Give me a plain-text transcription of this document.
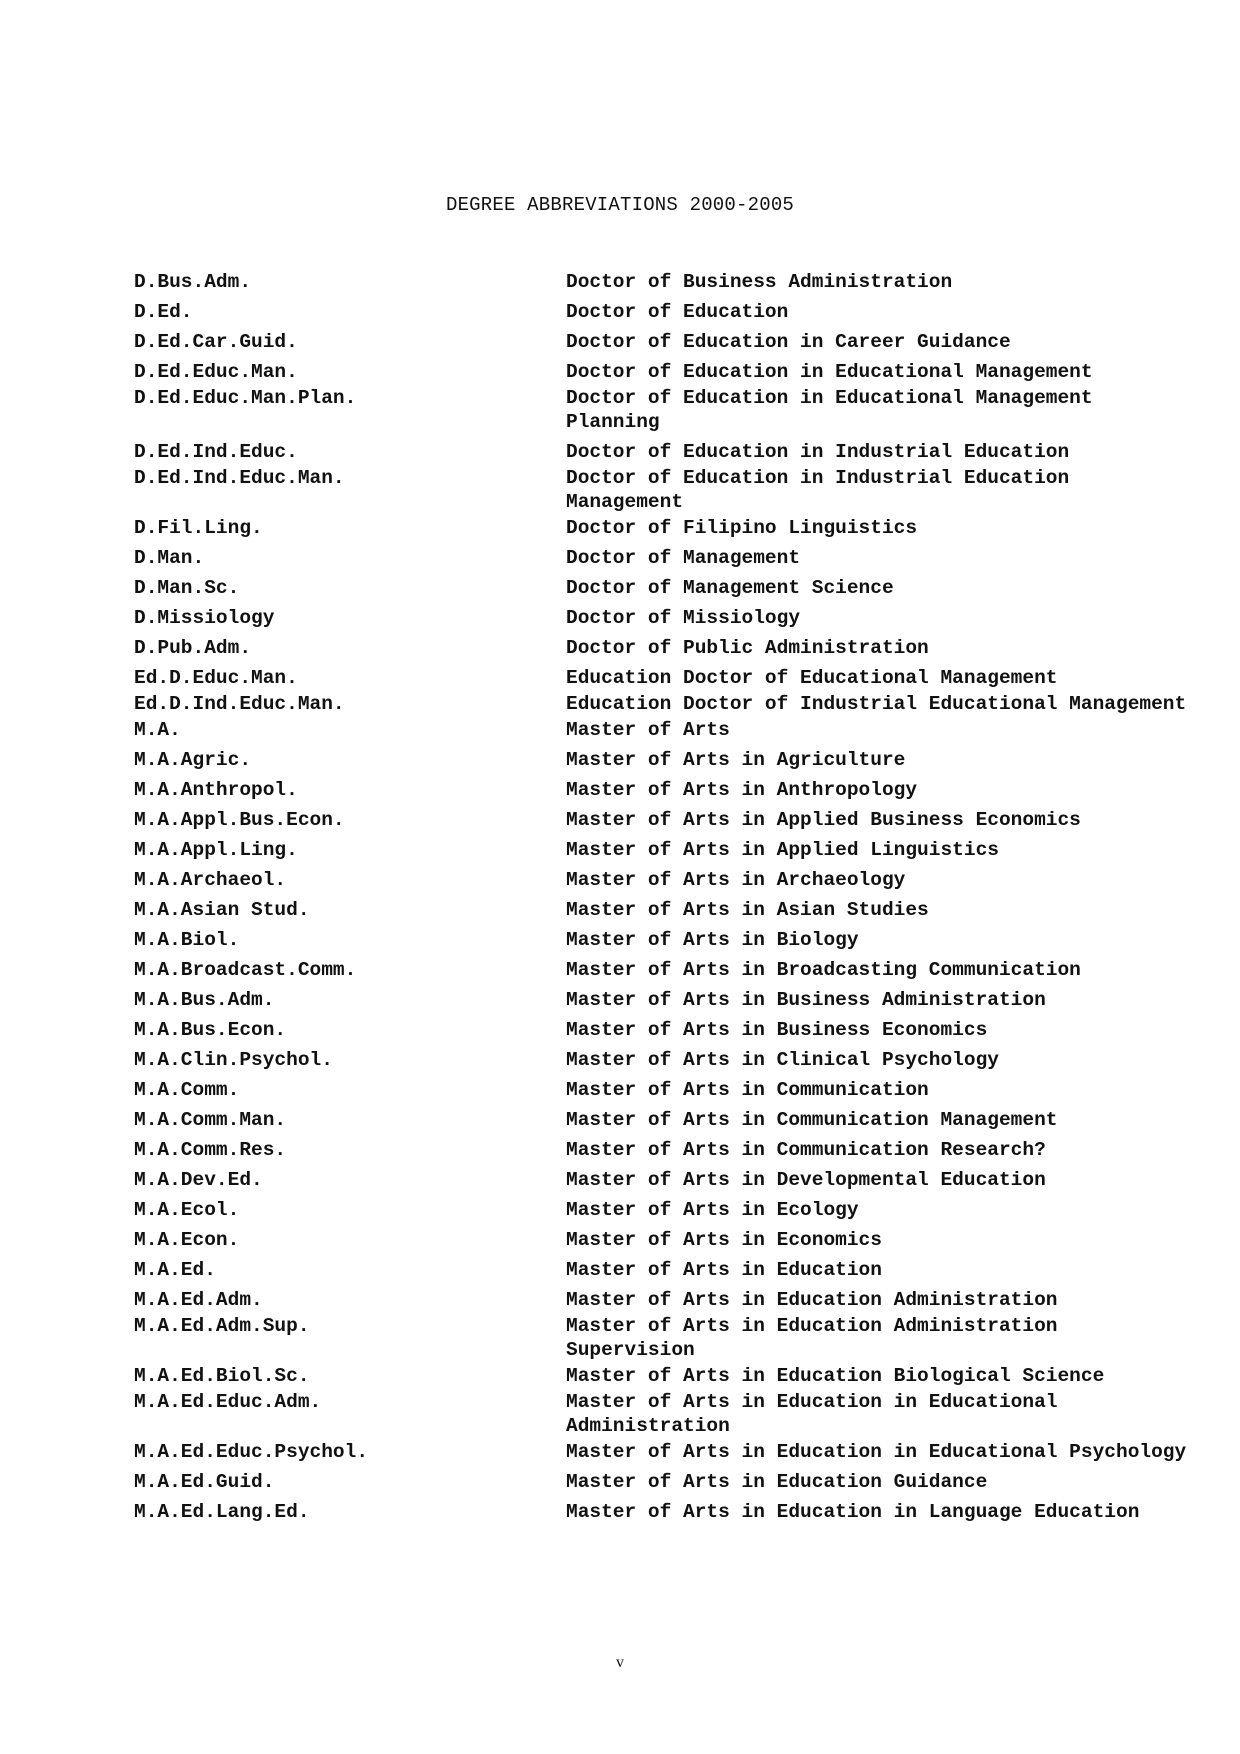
DEGREE ABBREVIATIONS 2000-2005
D.Bus.Adm.	Doctor of Business Administration
D.Ed.	Doctor of Education
D.Ed.Car.Guid.	Doctor of Education in Career Guidance
D.Ed.Educ.Man.	Doctor of Education in Educational Management
D.Ed.Educ.Man.Plan.	Doctor of Education in Educational Management Planning
D.Ed.Ind.Educ.	Doctor of Education in Industrial Education
D.Ed.Ind.Educ.Man.	Doctor of Education in Industrial Education Management
D.Fil.Ling.	Doctor of Filipino Linguistics
D.Man.	Doctor of Management
D.Man.Sc.	Doctor of Management Science
D.Missiology	Doctor of Missiology
D.Pub.Adm.	Doctor of Public Administration
Ed.D.Educ.Man.	Education Doctor of Educational Management
Ed.D.Ind.Educ.Man.	Education Doctor of Industrial Educational Management
M.A.	Master of Arts
M.A.Agric.	Master of Arts in Agriculture
M.A.Anthropol.	Master of Arts in Anthropology
M.A.Appl.Bus.Econ.	Master of Arts in Applied Business Economics
M.A.Appl.Ling.	Master of Arts in Applied Linguistics
M.A.Archaeol.	Master of Arts in Archaeology
M.A.Asian Stud.	Master of Arts in Asian Studies
M.A.Biol.	Master of Arts in Biology
M.A.Broadcast.Comm.	Master of Arts in Broadcasting Communication
M.A.Bus.Adm.	Master of Arts in Business Administration
M.A.Bus.Econ.	Master of Arts in Business Economics
M.A.Clin.Psychol.	Master of Arts in Clinical Psychology
M.A.Comm.	Master of Arts in Communication
M.A.Comm.Man.	Master of Arts in Communication Management
M.A.Comm.Res.	Master of Arts in Communication Research?
M.A.Dev.Ed.	Master of Arts in Developmental Education
M.A.Ecol.	Master of Arts in Ecology
M.A.Econ.	Master of Arts in Economics
M.A.Ed.	Master of Arts in Education
M.A.Ed.Adm.	Master of Arts in Education Administration
M.A.Ed.Adm.Sup.	Master of Arts in Education Administration Supervision
M.A.Ed.Biol.Sc.	Master of Arts in Education Biological Science
M.A.Ed.Educ.Adm.	Master of Arts in Education in Educational Administration
M.A.Ed.Educ.Psychol.	Master of Arts in Education in Educational Psychology
M.A.Ed.Guid.	Master of Arts in Education Guidance
M.A.Ed.Lang.Ed.	Master of Arts in Education in Language Education
v
